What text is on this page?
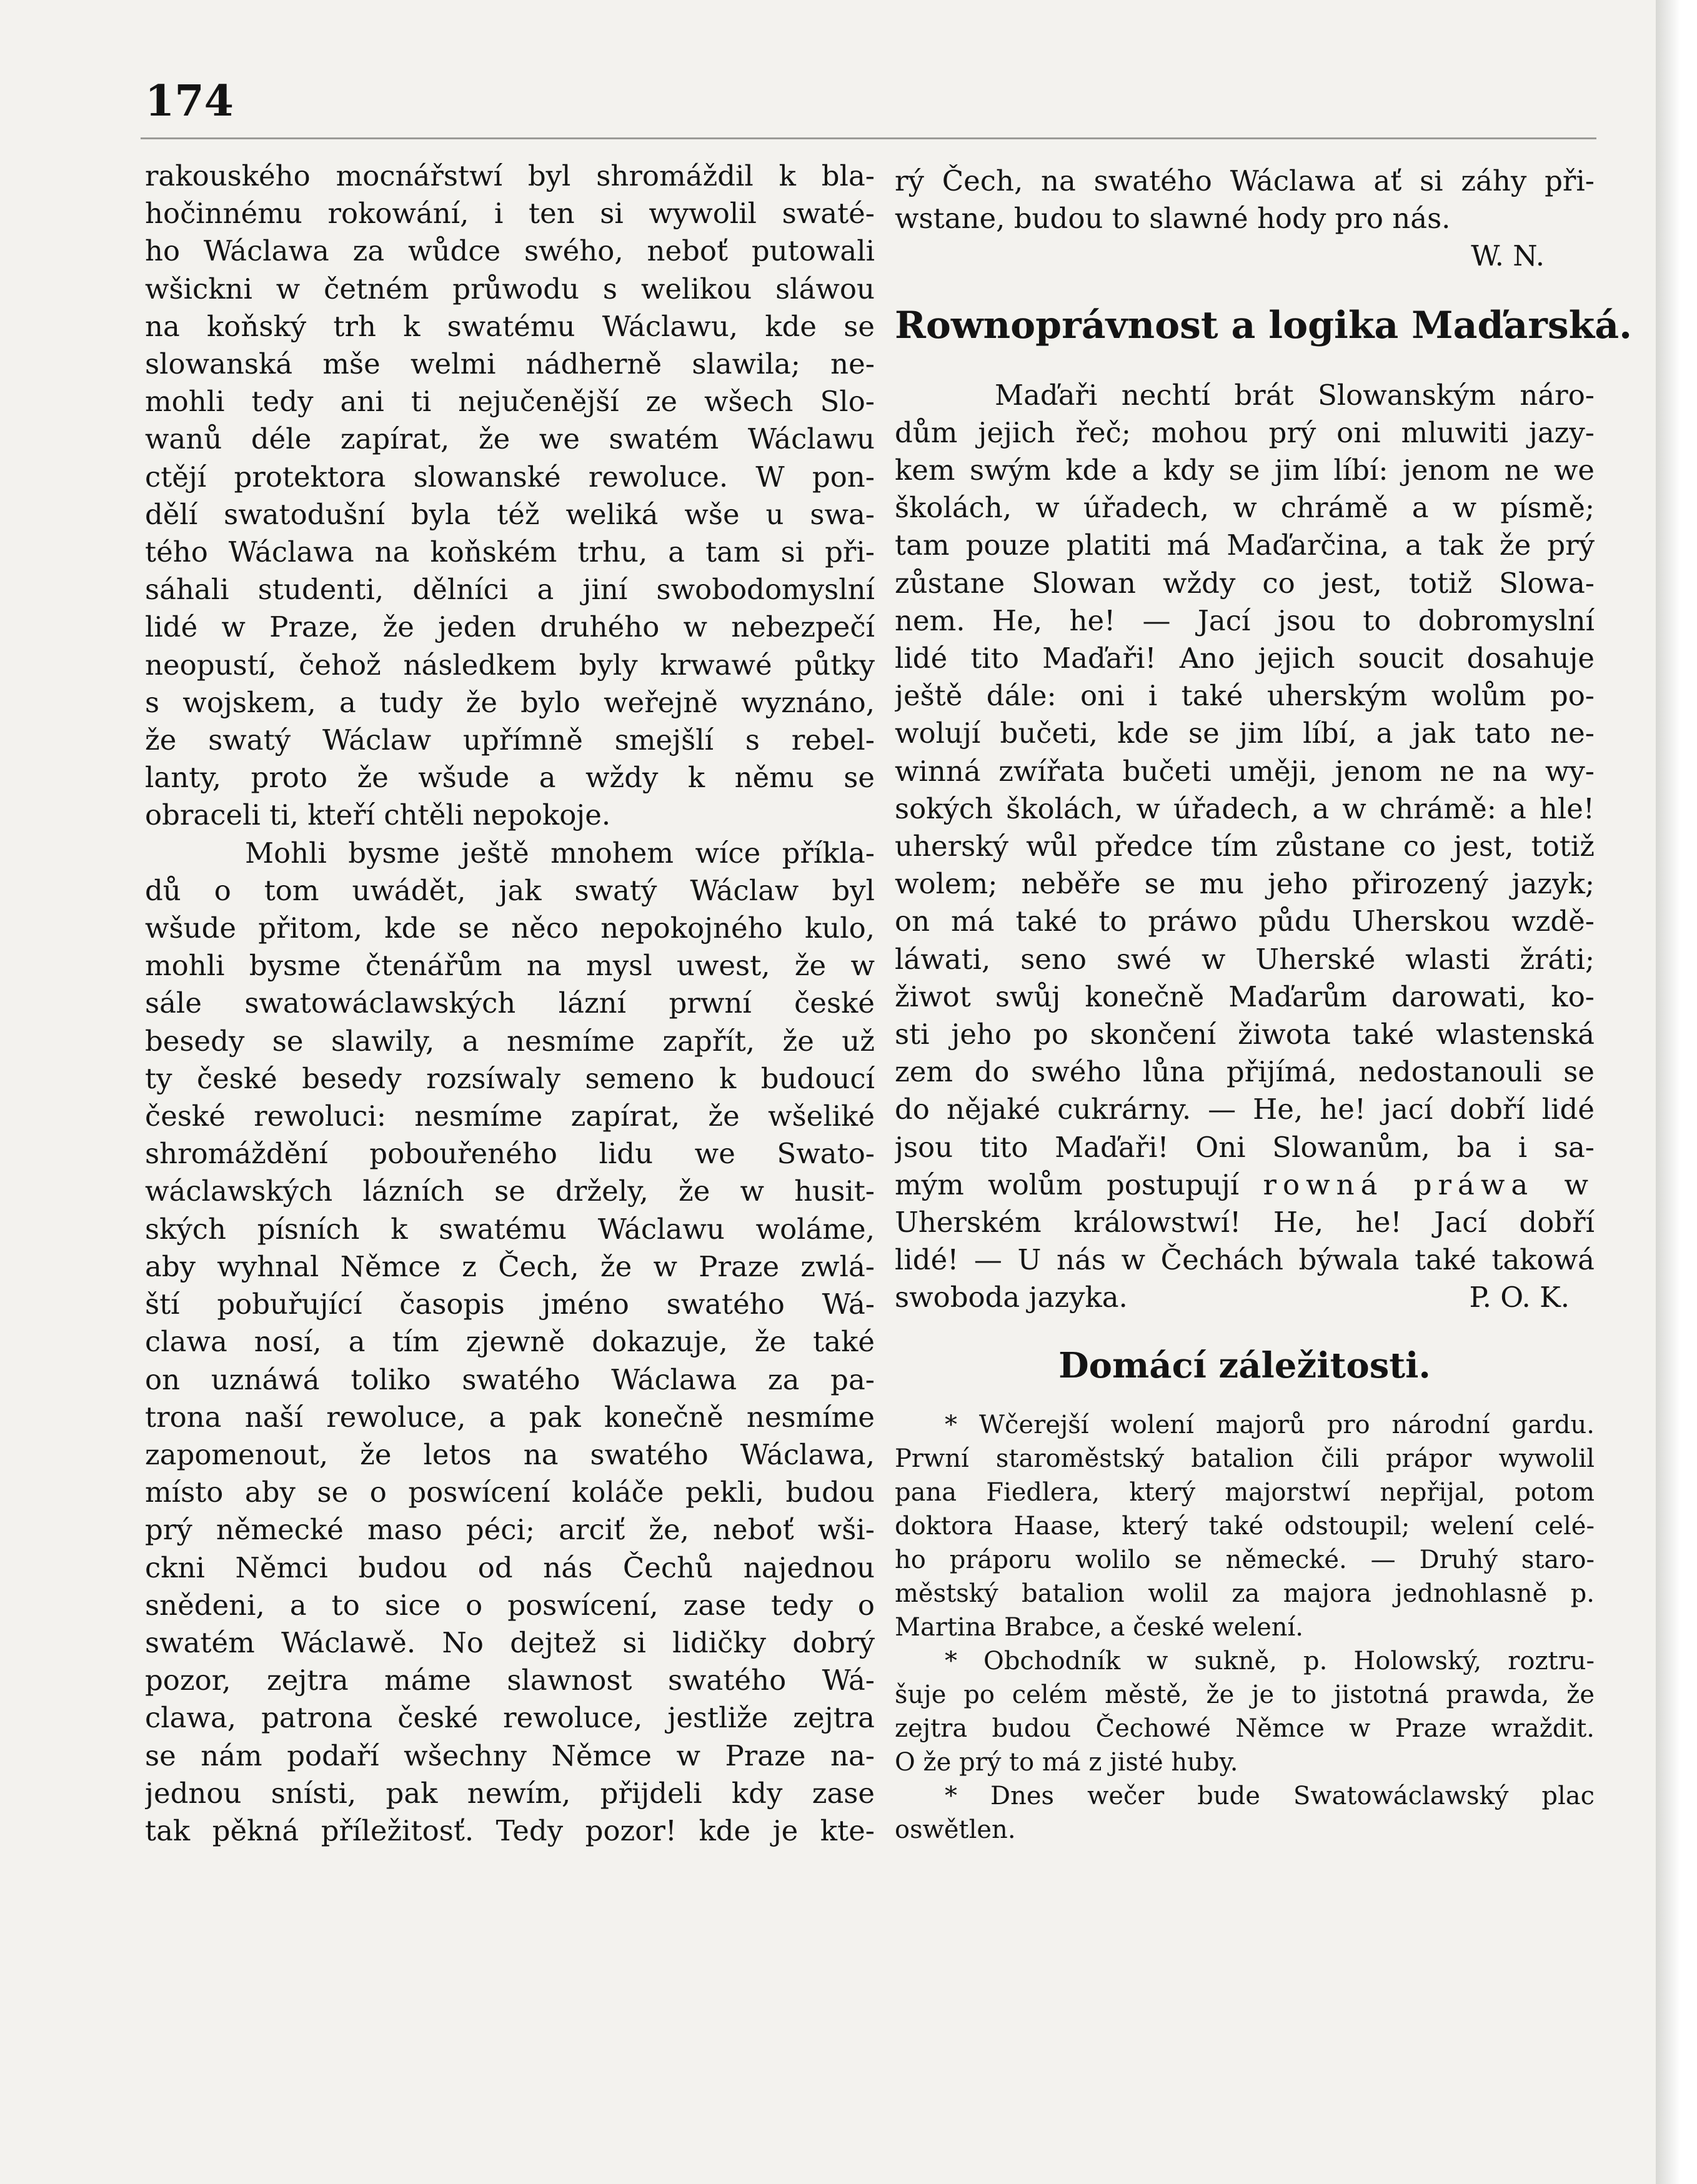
174
rakouského mocnářstwí byl shromáždil k bla-
hočinnému rokowání, i ten si wywolil swaté-
ho Wáclawa za wůdce swého, neboť putowali
wšickni w četném průwodu s welikou sláwou
na koňský trh k swatému Wáclawu, kde se
slowanská mše welmi nádherně slawila; ne-
mohli tedy ani ti nejučenější ze wšech Slo-
wanů déle zapírat, že we swatém Wáclawu
ctějí protektora slowanské rewoluce. W pon-
dělí swatodušní byla též weliká wše u swa-
tého Wáclawa na koňském trhu, a tam si při-
sáhali studenti, dělníci a jiní swobodomyslní
lidé w Praze, že jeden druhého w nebezpečí
neopustí, čehož následkem byly krwawé půtky
s wojskem, a tudy že bylo weřejně wyznáno,
že swatý Wáclaw upřímně smejšlí s rebel-
lanty, proto že wšude a wždy k němu se
obraceli ti, kteří chtěli nepokoje.
Mohli bysme ještě mnohem wíce příkla-
dů o tom uwádět, jak swatý Wáclaw byl
wšude přitom, kde se něco nepokojného kulo,
mohli bysme čtenářům na mysl uwest, že w
sále swatowáclawských lázní prwní české
besedy se slawily, a nesmíme zapřít, že už
ty české besedy rozsíwaly semeno k budoucí
české rewoluci: nesmíme zapírat, že wšeliké
shromáždění pobouřeného lidu we Swato-
wáclawských lázních se držely, že w husit-
ských písních k swatému Wáclawu woláme,
aby wyhnal Němce z Čech, že w Praze zwlá-
ští pobuřující časopis jméno swatého Wá-
clawa nosí, a tím zjewně dokazuje, že také
on uznáwá toliko swatého Wáclawa za pa-
trona naší rewoluce, a pak konečně nesmíme
zapomenout, že letos na swatého Wáclawa,
místo aby se o poswícení koláče pekli, budou
prý německé maso péci; arciť že, neboť wši-
ckni Němci budou od nás Čechů najednou
snědeni, a to sice o poswícení, zase tedy o
swatém Wáclawě. No dejtež si lidičky dobrý
pozor, zejtra máme slawnost swatého Wá-
clawa, patrona české rewoluce, jestliže zejtra
se nám podaří wšechny Němce w Praze na-
jednou snísti, pak newím, přijdeli kdy zase
tak pěkná příležitosť. Tedy pozor! kde je kte-
rý Čech, na swatého Wáclawa ať si záhy při-
wstane, budou to slawné hody pro nás.
W. N.
Rownoprávnost a logika Maďarská.
Maďaři nechtí brát Slowanským náro-
dům jejich řeč; mohou prý oni mluwiti jazy-
kem swým kde a kdy se jim líbí: jenom ne we
školách, w úřadech, w chrámě a w písmě;
tam pouze platiti má Maďarčina, a tak že prý
zůstane Slowan wždy co jest, totiž Slowa-
nem. He, he! — Jací jsou to dobromyslní
lidé tito Maďaři! Ano jejich soucit dosahuje
ještě dále: oni i také uherským wolům po-
wolují bučeti, kde se jim líbí, a jak tato ne-
winná zwířata bučeti uměji, jenom ne na wy-
sokých školách, w úřadech, a w chrámě: a hle!
uherský wůl předce tím zůstane co jest, totiž
wolem; neběře se mu jeho přirozený jazyk;
on má také to práwo půdu Uherskou wzdě-
láwati, seno swé w Uherské wlasti žráti;
žiwot swůj konečně Maďarům darowati, ko-
sti jeho po skončení žiwota také wlastenská
zem do swého lůna přijímá, nedostanouli se
do nějaké cukrárny. — He, he! jací dobří lidé
jsou tito Maďaři! Oni Slowanům, ba i sa-
mým wolům postupují rowná práwa w
Uherském králowstwí! He, he! Jací dobří
lidé! — U nás w Čechách býwala také takowá
swoboda jazyka.	P. O. K.
Domácí záležitosti.
* Wčerejší wolení majorů pro národní gardu.
Prwní staroměstský batalion čili prápor wywolil
pana Fiedlera, který majorstwí nepřijal, potom
doktora Haase, který také odstoupil; welení celé-
ho práporu wolilo se německé. — Druhý staro-
městský batalion wolil za majora jednohlasně p.
Martina Brabce, a české welení.
* Obchodník w sukně, p. Holowský, roztru-
šuje po celém městě, že je to jistotná prawda, že
zejtra budou Čechowé Němce w Praze wraždit.
O že prý to má z jisté huby.
* Dnes wečer bude Swatowáclawský plac
oswětlen.
